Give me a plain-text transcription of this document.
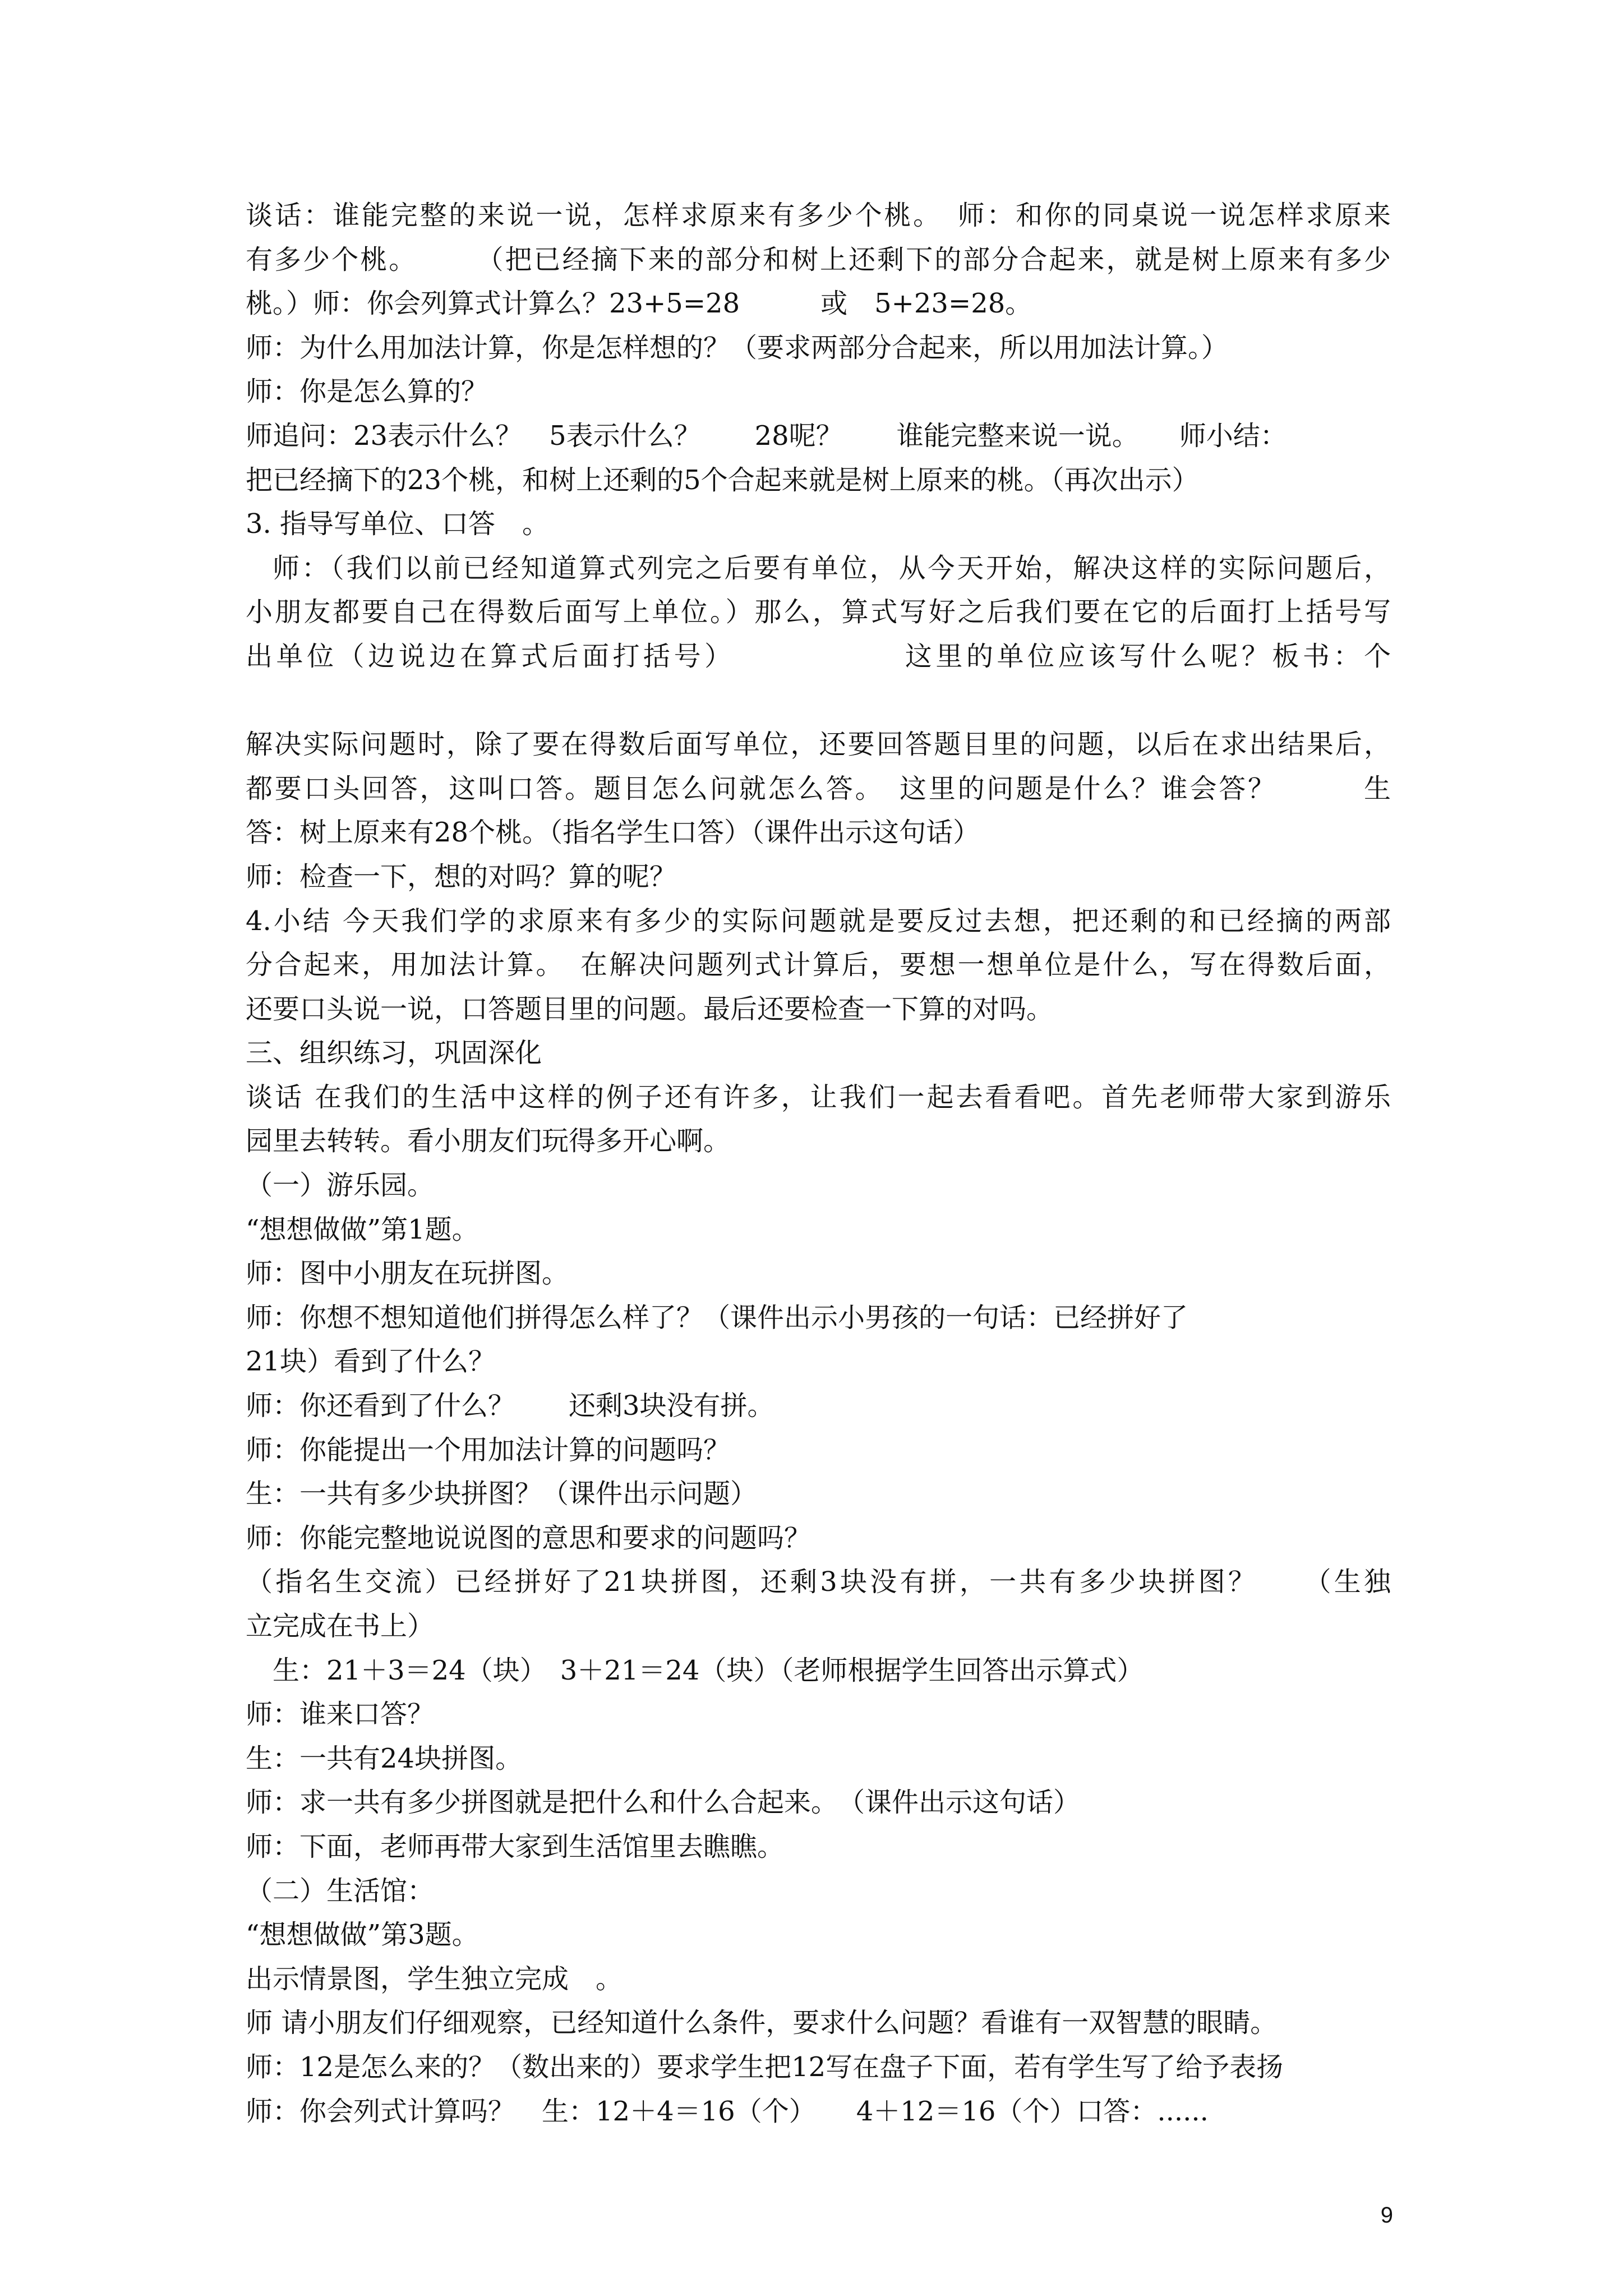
谈话：谁能完整的来说一说，怎样求原来有多少个桃。　师：和你的同桌说一说怎样求原来
有多少个桃。　　　（把已经摘下来的部分和树上还剩下的部分合起来，就是树上原来有多少
桃。）师：你会列算式计算么？23+5=28　　　或　5+23=28。
师：为什么用加法计算，你是怎样想的？（要求两部分合起来，所以用加法计算。）
师：你是怎么算的？
师追问：23表示什么？　5表示什么？　　28呢？　　谁能完整来说一说。　　师小结：
把已经摘下的23个桃，和树上还剩的5个合起来就是树上原来的桃。（再次出示）
3. 指导写单位、口答　。
师：（我们以前已经知道算式列完之后要有单位，从今天开始，解决这样的实际问题后，
小朋友都要自己在得数后面写上单位。）那么，算式写好之后我们要在它的后面打上括号写
出单位（边说边在算式后面打括号）　　　　　　这里的单位应该写什么呢？板书：个
解决实际问题时，除了要在得数后面写单位，还要回答题目里的问题，以后在求出结果后，
都要口头回答，这叫口答。题目怎么问就怎么答。　这里的问题是什么？谁会答？　　　生
答：树上原来有28个桃。（指名学生口答）（课件出示这句话）
师：检查一下，想的对吗？算的呢？
4.小结 今天我们学的求原来有多少的实际问题就是要反过去想，把还剩的和已经摘的两部
分合起来，用加法计算。　在解决问题列式计算后，要想一想单位是什么，写在得数后面，
还要口头说一说，口答题目里的问题。最后还要检查一下算的对吗。
三、组织练习，巩固深化
谈话 在我们的生活中这样的例子还有许多，让我们一起去看看吧。首先老师带大家到游乐
园里去转转。看小朋友们玩得多开心啊。
（一）游乐园。
“想想做做”第1题。
师：图中小朋友在玩拼图。
师：你想不想知道他们拼得怎么样了？（课件出示小男孩的一句话：已经拼好了
21块）看到了什么？
师：你还看到了什么？　　还剩3块没有拼。
师：你能提出一个用加法计算的问题吗？
生：一共有多少块拼图？（课件出示问题）
师：你能完整地说说图的意思和要求的问题吗？
（指名生交流）已经拼好了21块拼图，还剩3块没有拼，一共有多少块拼图？　　（生独
立完成在书上）
生：21＋3＝24（块）　3＋21＝24（块）（老师根据学生回答出示算式）
师：谁来口答？
生：一共有24块拼图。
师：求一共有多少拼图就是把什么和什么合起来。　（课件出示这句话）
师：下面，老师再带大家到生活馆里去瞧瞧。
（二）生活馆：
“想想做做”第3题。
出示情景图，学生独立完成　。
师 请小朋友们仔细观察，已经知道什么条件，要求什么问题？看谁有一双智慧的眼睛。
师：12是怎么来的？（数出来的）要求学生把12写在盘子下面，若有学生写了给予表扬
师：你会列式计算吗？　生：12＋4＝16（个）　　4＋12＝16（个）口答：......
9
